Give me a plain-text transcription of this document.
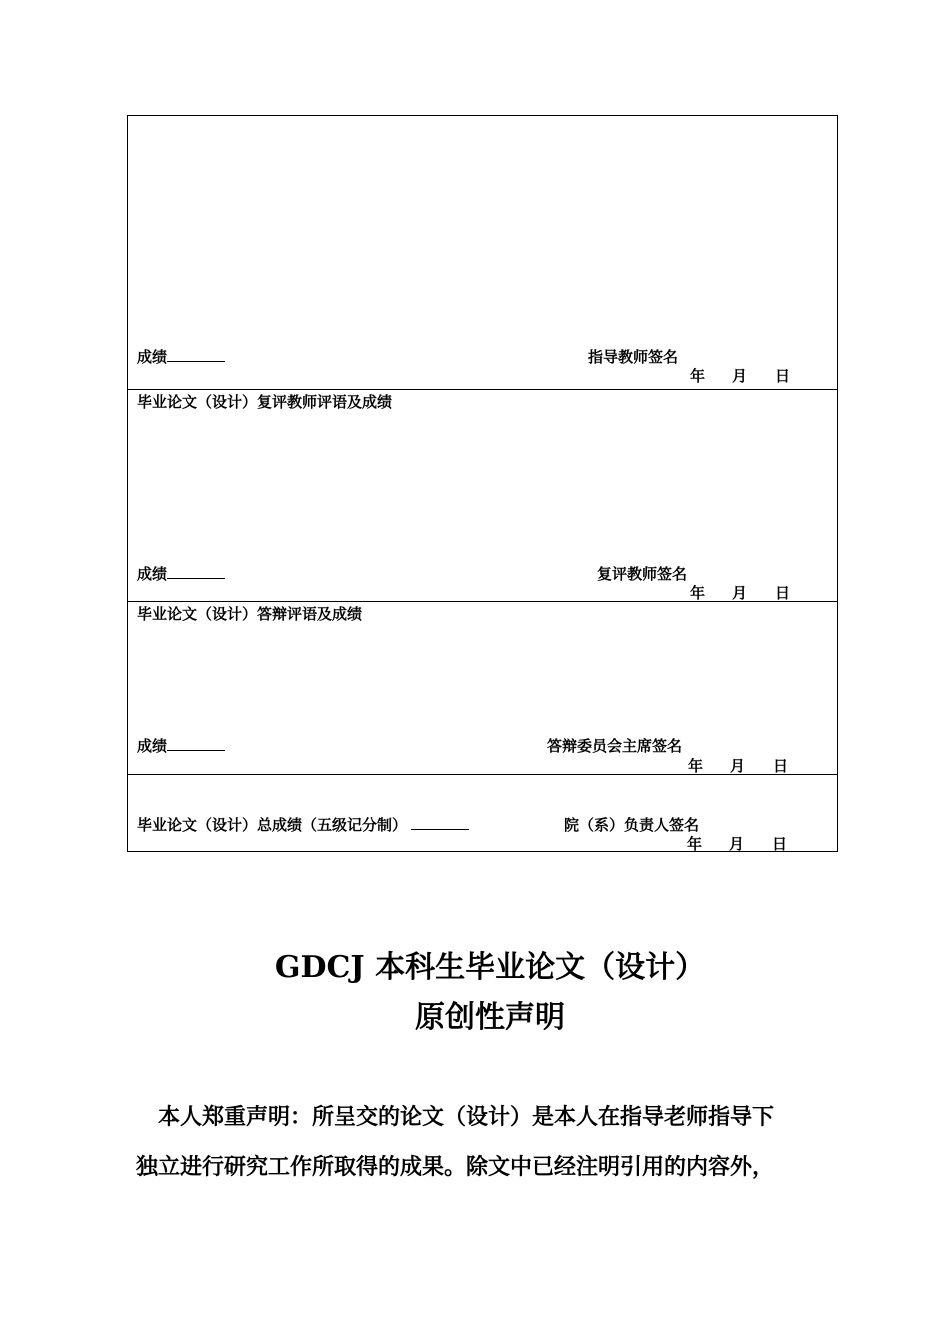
成绩	指导教师签名
年 月 日
毕业论文（设计）复评教师评语及成绩
成绩	复评教师签名
年 月 日
毕业论文（设计）答辩评语及成绩
成绩	答辩委员会主席签名
年 月 日
毕业论文（设计）总成绩（五级记分制）	院（系）负责人签名
年 月 日
GDCJ 本科生毕业论文（设计）
原创性声明
　本人郑重声明：所呈交的论文（设计）是本人在指导老师指导下
独立进行研究工作所取得的成果。除文中已经注明引用的内容外，
